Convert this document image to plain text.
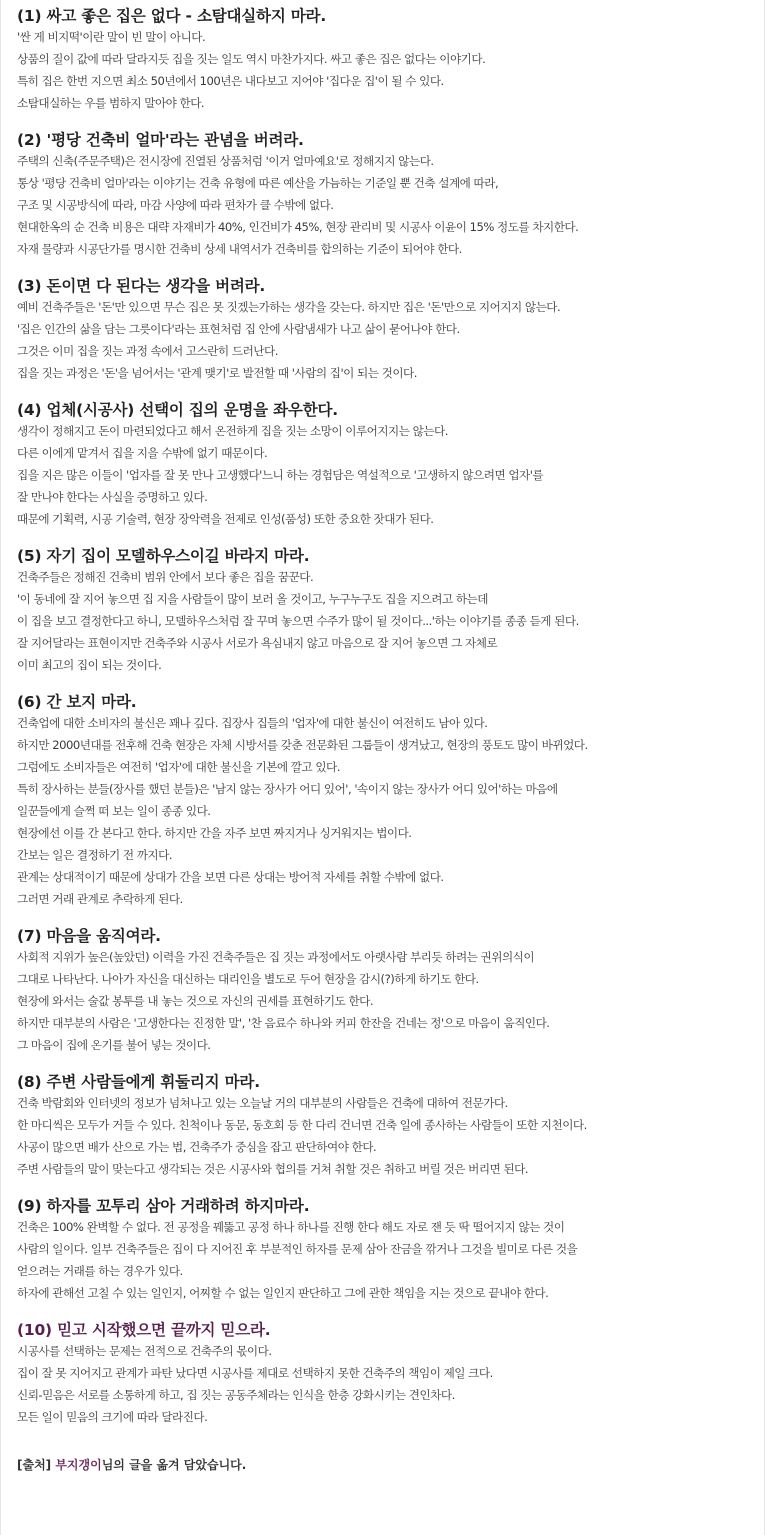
(1) 싸고 좋은 집은 없다 - 소탐대실하지 마라.
'싼 게 비지떡'이란 말이 빈 말이 아니다.
상품의 질이 값에 따라 달라지듯 집을 짓는 일도 역시 마찬가지다. 싸고 좋은 집은 없다는 이야기다.
특히 집은 한번 지으면 최소 50년에서 100년은 내다보고 지어야 '집다운 집'이 될 수 있다.
소탐대실하는 우를 범하지 말아야 한다.
(2) '평당 건축비 얼마'라는 관념을 버려라.
주택의 신축(주문주택)은 전시장에 진열된 상품처럼 '이거 얼마예요'로 정해지지 않는다.
통상 '평당 건축비 얼마'라는 이야기는 건축 유형에 따른 예산을 가늠하는 기준일 뿐 건축 설계에 따라,
구조 및 시공방식에 따라, 마감 사양에 따라 편차가 클 수밖에 없다.
현대한옥의 순 건축 비용은 대략 자재비가 40%, 인건비가 45%, 현장 관리비 및 시공사 이윤이 15% 정도를 차지한다.
자재 물량과 시공단가를 명시한 건축비 상세 내역서가 건축비를 합의하는 기준이 되어야 한다.
(3) 돈이면 다 된다는 생각을 버려라.
예비 건축주들은 '돈'만 있으면 무슨 집은 못 짓겠는가하는 생각을 갖는다. 하지만 집은 '돈'만으로 지어지지 않는다.
'집은 인간의 삶을 담는 그릇이다'라는 표현처럼 집 안에 사람냄새가 나고 삶이 묻어나야 한다.
그것은 이미 집을 짓는 과정 속에서 고스란히 드러난다.
집을 짓는 과정은 '돈'을 넘어서는 '관계 맺기'로 발전할 때 '사람의 집'이 되는 것이다.
(4) 업체(시공사) 선택이 집의 운명을 좌우한다.
생각이 정해지고 돈이 마련되었다고 해서 온전하게 집을 짓는 소망이 이루어지지는 않는다.
다른 이에게 맡겨서 집을 지을 수밖에 없기 때문이다.
집을 지은 많은 이들이 '업자를 잘 못 만나 고생했다'느니 하는 경험담은 역설적으로 '고생하지 않으려면 업자'를
잘 만나야 한다는 사실을 증명하고 있다.
때문에 기획력, 시공 기술력, 현장 장악력을 전제로 인성(품성) 또한 중요한 잣대가 된다.
(5) 자기 집이 모델하우스이길 바라지 마라.
건축주들은 정해진 건축비 범위 안에서 보다 좋은 집을 꿈꾼다.
'이 동네에 잘 지어 놓으면 집 지을 사람들이 많이 보러 올 것이고, 누구누구도 집을 지으려고 하는데
이 집을 보고 결정한다고 하니, 모델하우스처럼 잘 꾸며 놓으면 수주가 많이 될 것이다...'하는 이야기를 종종 듣게 된다.
잘 지어달라는 표현이지만 건축주와 시공사 서로가 욕심내지 않고 마음으로 잘 지어 놓으면 그 자체로
이미 최고의 집이 되는 것이다.
(6) 간 보지 마라.
건축업에 대한 소비자의 불신은 꽤나 깊다. 집장사 집들의 '업자'에 대한 불신이 여전히도 남아 있다.
하지만 2000년대를 전후해 건축 현장은 자체 시방서를 갖춘 전문화된 그룹들이 생겨났고, 현장의 풍토도 많이 바뀌었다.
그럼에도 소비자들은 여전히 '업자'에 대한 불신을 기본에 깔고 있다.
특히 장사하는 분들(장사를 했던 분들)은 '남지 않는 장사가 어디 있어', '속이지 않는 장사가 어디 있어'하는 마음에
일꾼들에게 슬쩍 떠 보는 일이 종종 있다.
현장에선 이를 간 본다고 한다. 하지만 간을 자주 보면 짜지거나 싱거워지는 법이다.
간보는 일은 결정하기 전 까지다.
관계는 상대적이기 때문에 상대가 간을 보면 다른 상대는 방어적 자세를 취할 수밖에 없다.
그러면 거래 관계로 추락하게 된다.
(7) 마음을 움직여라.
사회적 지위가 높은(높았던) 이력을 가진 건축주들은 집 짓는 과정에서도 아랫사람 부리듯 하려는 권위의식이
그대로 나타난다. 나아가 자신을 대신하는 대리인을 별도로 두어 현장을 감시(?)하게 하기도 한다.
현장에 와서는 술값 봉투를 내 놓는 것으로 자신의 권세를 표현하기도 한다.
하지만 대부분의 사람은 '고생한다는 진정한 말', '찬 음료수 하나와 커피 한잔을 건네는 정'으로 마음이 움직인다.
그 마음이 집에 온기를 불어 넣는 것이다.
(8) 주변 사람들에게 휘둘리지 마라.
건축 박람회와 인터넷의 정보가 넘쳐나고 있는 오늘날 거의 대부분의 사람들은 건축에 대하여 전문가다.
한 마디씩은 모두가 거들 수 있다. 친척이나 동문, 동호회 등 한 다리 건너면 건축 일에 종사하는 사람들이 또한 지천이다.
사공이 많으면 배가 산으로 가는 법, 건축주가 중심을 잡고 판단하여야 한다.
주변 사람들의 말이 맞는다고 생각되는 것은 시공사와 협의를 거쳐 취할 것은 취하고 버릴 것은 버리면 된다.
(9) 하자를 꼬투리 삼아 거래하려 하지마라.
건축은 100% 완벽할 수 없다. 전 공정을 꿰뚫고 공정 하나 하나를 진행 한다 해도 자로 잰 듯 딱 떨어지지 않는 것이
사람의 일이다. 일부 건축주들은 집이 다 지어진 후 부분적인 하자를 문제 삼아 잔금을 깎거나 그것을 빌미로 다른 것을
얻으려는 거래를 하는 경우가 있다.
하자에 관해선 고칠 수 있는 일인지, 어찌할 수 없는 일인지 판단하고 그에 관한 책임을 지는 것으로 끝내야 한다.
(10) 믿고 시작했으면 끝까지 믿으라.
시공사를 선택하는 문제는 전적으로 건축주의 몫이다.
집이 잘 못 지어지고 관계가 파탄 났다면 시공사를 제대로 선택하지 못한 건축주의 책임이 제일 크다.
신뢰-믿음은 서로를 소통하게 하고, 집 짓는 공동주체라는 인식을 한층 강화시키는 견인차다.
모든 일이 믿음의 크기에 따라 달라진다.
[출처] 부지갱이님의 글을 옮겨 담았습니다.
